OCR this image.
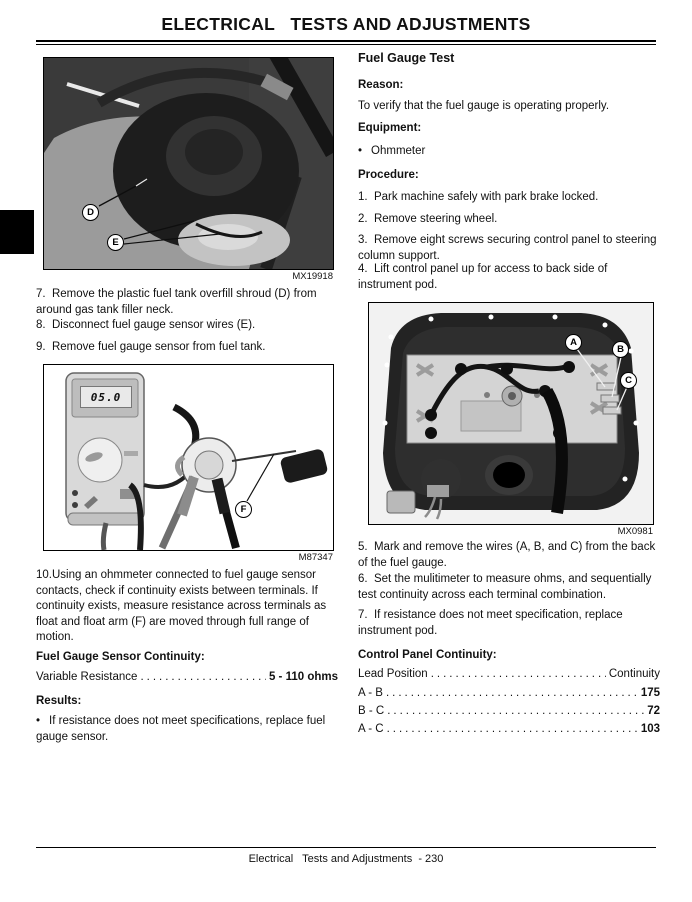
ELECTRICAL   TESTS AND ADJUSTMENTS
D
E
MX19918
7.  Remove the plastic fuel tank overfill shroud (D) from around gas tank filler neck.
8.  Disconnect fuel gauge sensor wires (E).
9.  Remove fuel gauge sensor from fuel tank.
05.0
F
M87347
10.Using an ohmmeter connected to fuel gauge sensor contacts, check if continuity exists between terminals. If continuity exists, measure resistance across terminals as float and float arm (F) are moved through full range of motion.
Fuel Gauge Sensor Continuity:
Variable Resistance .....	5 - 110 ohms
Results:
• If resistance does not meet specifications, replace fuel gauge sensor.
Fuel Gauge Test
Reason:
To verify that the fuel gauge is operating properly.
Equipment:
• Ohmmeter
Procedure:
1.  Park machine safely with park brake locked.
2.  Remove steering wheel.
3.  Remove eight screws securing control panel to steering column support.
4.  Lift control panel up for access to back side of instrument pod.
A
B
C
MX0981
5.  Mark and remove the wires (A, B, and C) from the back of the fuel gauge.
6.  Set the mulitimeter to measure ohms, and sequentially test continuity across each terminal combination.
7.  If resistance does not meet specification, replace instrument pod.
Control Panel Continuity:
Lead Position .....	Continuity
A - B .....	175
B - C .....	72
A - C .....	103
Electrical   Tests and Adjustments  - 230
